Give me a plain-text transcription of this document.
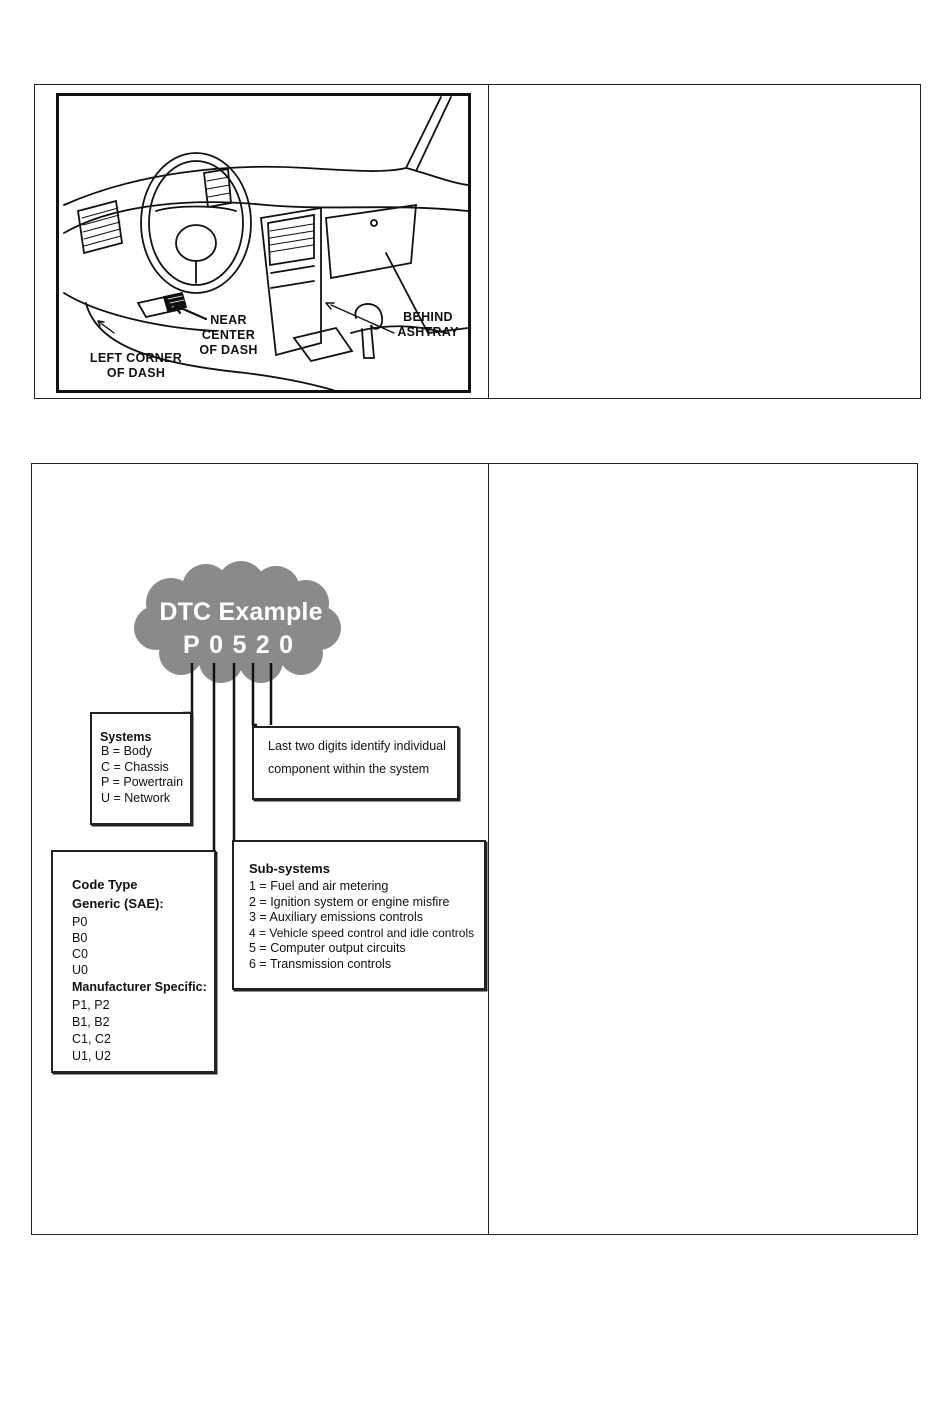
LEFT CORNER
OF DASH
NEAR
CENTER
OF DASH
BEHIND
ASHTRAY
DTC Example
P 0 5 2 0
Systems
B = Body
C = Chassis
P = Powertrain
U = Network
Last two digits identify individual
component within the system
Code Type
Generic (SAE):
P0
B0
C0
U0
Manufacturer Specific:
P1, P2
B1, B2
C1, C2
U1, U2
Sub-systems
1 = Fuel and air metering
2 = Ignition system or engine misfire
3 = Auxiliary emissions controls
4 = Vehicle speed control and idle controls
5 = Computer output circuits
6 = Transmission controls
